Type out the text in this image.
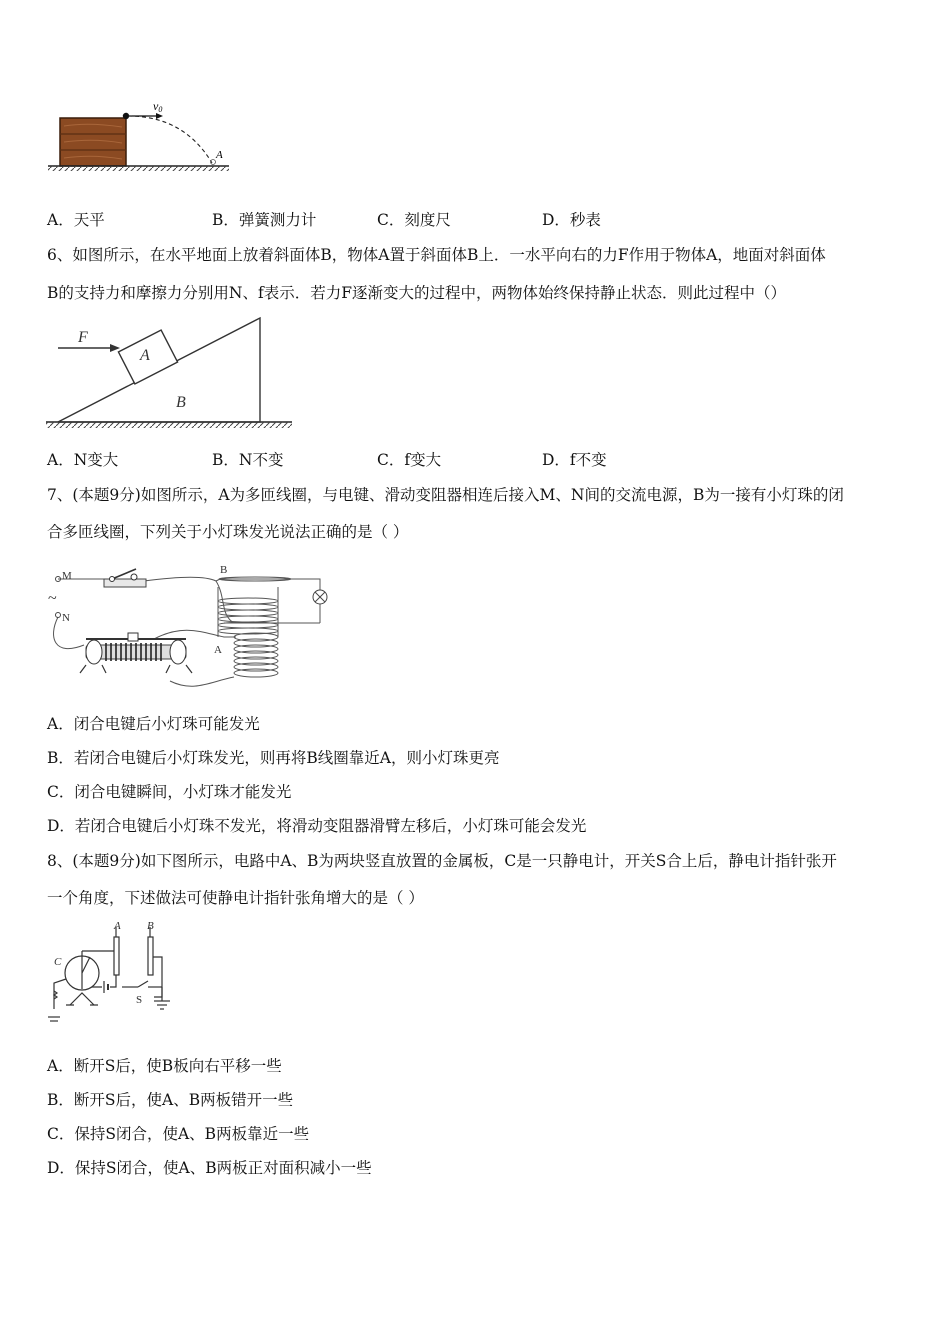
v0
A
A．天平	B．弹簧测力计	C．刻度尺	D．秒表
6、如图所示，在水平地面上放着斜面体B，物体A置于斜面体B上．一水平向右的力F作用于物体A，地面对斜面体
B的支持力和摩擦力分别用N、f表示．若力F逐渐变大的过程中，两物体始终保持静止状态．则此过程中（）
B
A
F
A．N变大	B．N不变	C．f变大	D．f不变
7、(本题9分)如图所示，A为多匝线圈，与电键、滑动变阻器相连后接入M、N间的交流电源，B为一接有小灯珠的闭
合多匝线圈，下列关于小灯珠发光说法正确的是（ ）
M
~
N
B
A
A．闭合电键后小灯珠可能发光
B．若闭合电键后小灯珠发光，则再将B线圈靠近A，则小灯珠更亮
C．闭合电键瞬间，小灯珠才能发光
D．若闭合电键后小灯珠不发光，将滑动变阻器滑臂左移后，小灯珠可能会发光
8、(本题9分)如下图所示，电路中A、B为两块竖直放置的金属板，C是一只静电计，开关S合上后，静电计指针张开
一个角度，下述做法可使静电计指针张角增大的是（ ）
A B
C
S
A．断开S后，使B板向右平移一些
B．断开S后，使A、B两板错开一些
C．保持S闭合，使A、B两板靠近一些
D．保持S闭合，使A、B两板正对面积减小一些
